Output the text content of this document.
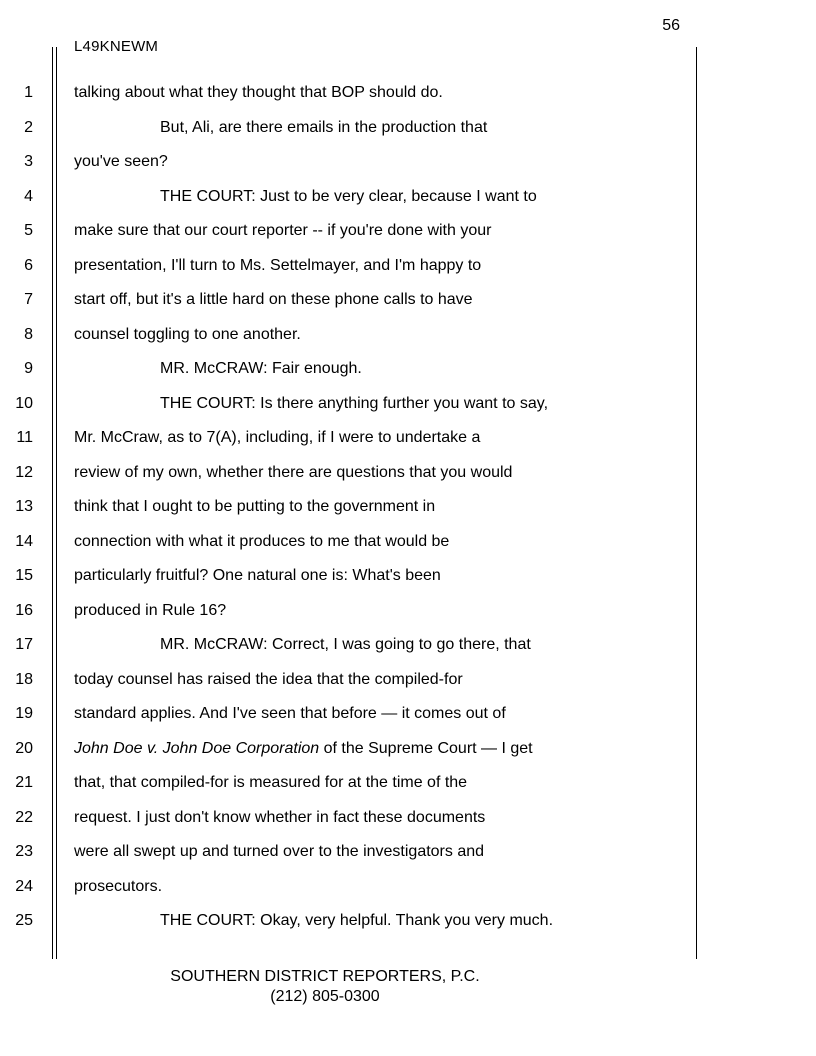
56
L49KNEWM
1	talking about what they thought that BOP should do.
2	But, Ali, are there emails in the production that
3	you've seen?
4	THE COURT: Just to be very clear, because I want to
5	make sure that our court reporter -- if you're done with your
6	presentation, I'll turn to Ms. Settelmayer, and I'm happy to
7	start off, but it's a little hard on these phone calls to have
8	counsel toggling to one another.
9	MR. McCRAW: Fair enough.
10	THE COURT: Is there anything further you want to say,
11	Mr. McCraw, as to 7(A), including, if I were to undertake a
12	review of my own, whether there are questions that you would
13	think that I ought to be putting to the government in
14	connection with what it produces to me that would be
15	particularly fruitful? One natural one is: What's been
16	produced in Rule 16?
17	MR. McCRAW: Correct, I was going to go there, that
18	today counsel has raised the idea that the compiled-for
19	standard applies. And I've seen that before — it comes out of
20	John Doe v. John Doe Corporation of the Supreme Court — I get
21	that, that compiled-for is measured for at the time of the
22	request. I just don't know whether in fact these documents
23	were all swept up and turned over to the investigators and
24	prosecutors.
25	THE COURT: Okay, very helpful. Thank you very much.
SOUTHERN DISTRICT REPORTERS, P.C.
(212) 805-0300
